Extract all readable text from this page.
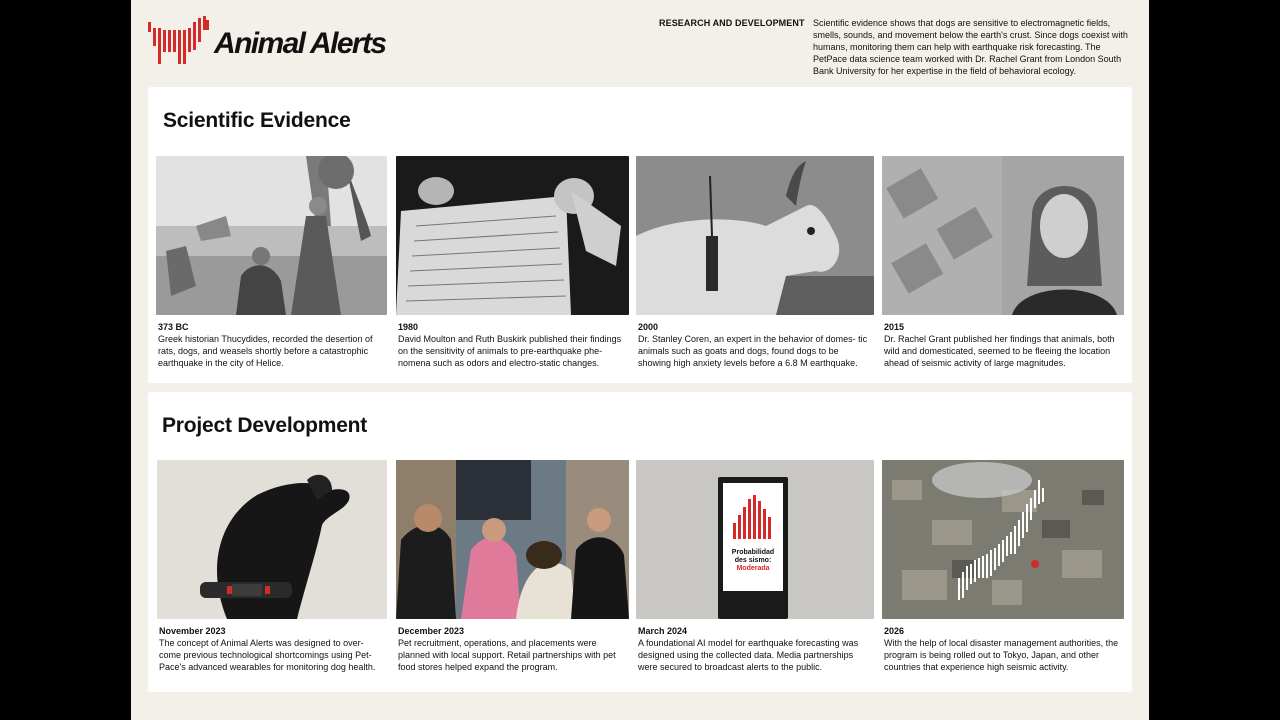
Animal Alerts
RESEARCH AND DEVELOPMENT Scientific evidence shows that dogs are sensitive to electromagnetic fields, smells, sounds, and movement below the earth's crust. Since dogs coexist with humans, monitoring them can help with earthquake risk forecasting. The PetPace data science team worked with Dr. Rachel Grant from London South Bank University for her expertise in the field of behavioral ecology.
Scientific Evidence
373 BC
Greek historian Thucydides, recorded the desertion of rats, dogs, and weasels shortly before a catastrophic earthquake in the city of Helice.
1980
David Moulton and Ruth Buskirk published their findings on the sensitivity of animals to pre-earthquake phe- nomena such as odors and electro-static changes.
2000
Dr. Stanley Coren, an expert in the behavior of domes- tic animals such as goats and dogs, found dogs to be showing high anxiety levels before a 6.8 M earthquake.
2015
Dr. Rachel Grant published her findings that animals, both wild and domesticated, seemed to be fleeing the location ahead of seismic activity of large magnitudes.
Project Development
November 2023
The concept of Animal Alerts was designed to over- come previous technological shortcomings using Pet- Pace's advanced wearables for monitoring dog health.
December 2023
Pet recruitment, operations, and placements were planned with local support. Retail partnerships with pet food stores helped expand the program.
Probabilidad
des sismo:
Moderada
March 2024
A foundational AI model for earthquake forecasting was designed using the collected data. Media partnerships were secured to broadcast alerts to the public.
2026
With the help of local disaster management authorities, the program is being rolled out to Tokyo, Japan, and other countries that experience high seismic activity.
